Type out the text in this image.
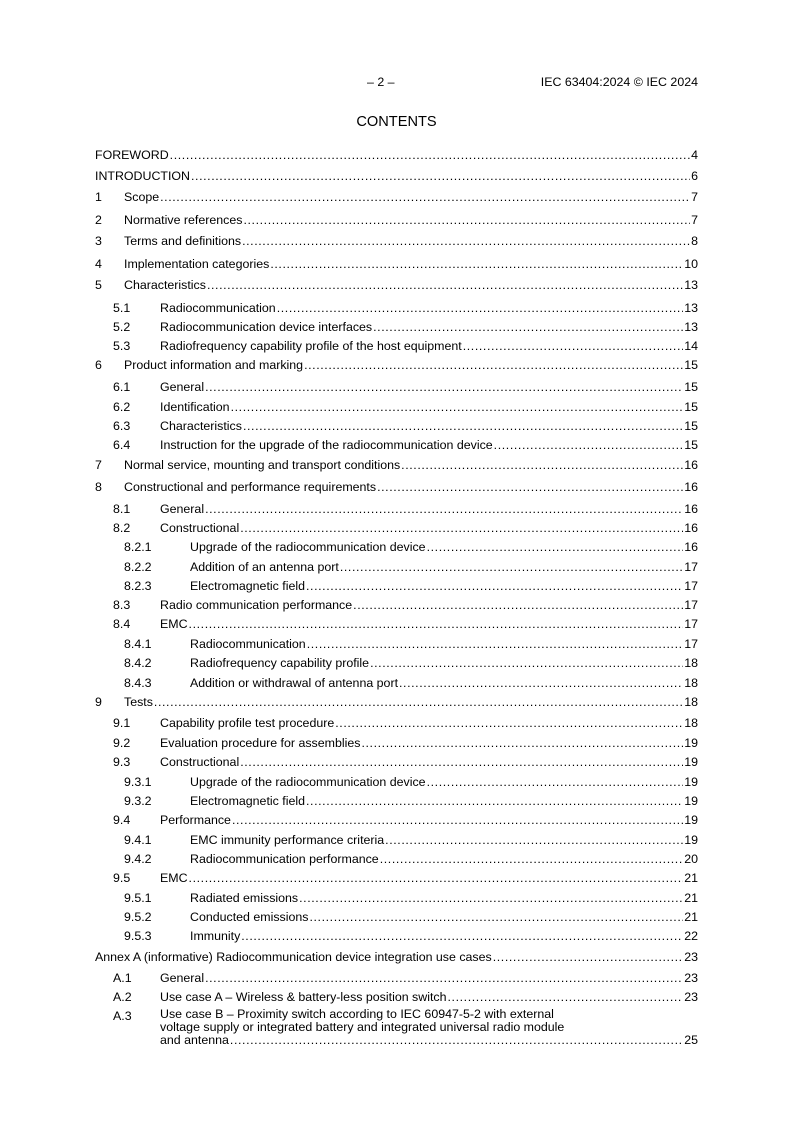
– 2 –	IEC 63404:2024 © IEC 2024
CONTENTS
FOREWORD .....	4
INTRODUCTION .....	6
1 Scope .....	7
2 Normative references .....	7
3 Terms and definitions .....	8
4 Implementation categories .....	10
5 Characteristics .....	13
5.1 Radiocommunication .....	13
5.2 Radiocommunication device interfaces .....	13
5.3 Radiofrequency capability profile of the host equipment .....	14
6 Product information and marking .....	15
6.1 General .....	15
6.2 Identification .....	15
6.3 Characteristics .....	15
6.4 Instruction for the upgrade of the radiocommunication device .....	15
7 Normal service, mounting and transport conditions .....	16
8 Constructional and performance requirements .....	16
8.1 General .....	16
8.2 Constructional .....	16
8.2.1	Upgrade of the radiocommunication device .....	16
8.2.2	Addition of an antenna port .....	17
8.2.3	Electromagnetic field .....	17
8.3 Radio communication performance .....	17
8.4 EMC .....	17
8.4.1	Radiocommunication .....	17
8.4.2	Radiofrequency capability profile .....	18
8.4.3	Addition or withdrawal of antenna port .....	18
9 Tests .....	18
9.1 Capability profile test procedure .....	18
9.2 Evaluation procedure for assemblies .....	19
9.3 Constructional .....	19
9.3.1	Upgrade of the radiocommunication device .....	19
9.3.2	Electromagnetic field .....	19
9.4 Performance .....	19
9.4.1	EMC immunity performance criteria .....	19
9.4.2	Radiocommunication performance .....	20
9.5 EMC .....	21
9.5.1	Radiated emissions .....	21
9.5.2	Conducted emissions .....	21
9.5.3	Immunity .....	22
Annex A (informative) Radiocommunication device integration use cases .....	23
A.1 General .....	23
A.2 Use case A – Wireless & battery-less position switch .....	23
A.3 Use case B – Proximity switch according to IEC 60947-5-2 with external
voltage supply or integrated battery and integrated universal radio module
and antenna .....	25
